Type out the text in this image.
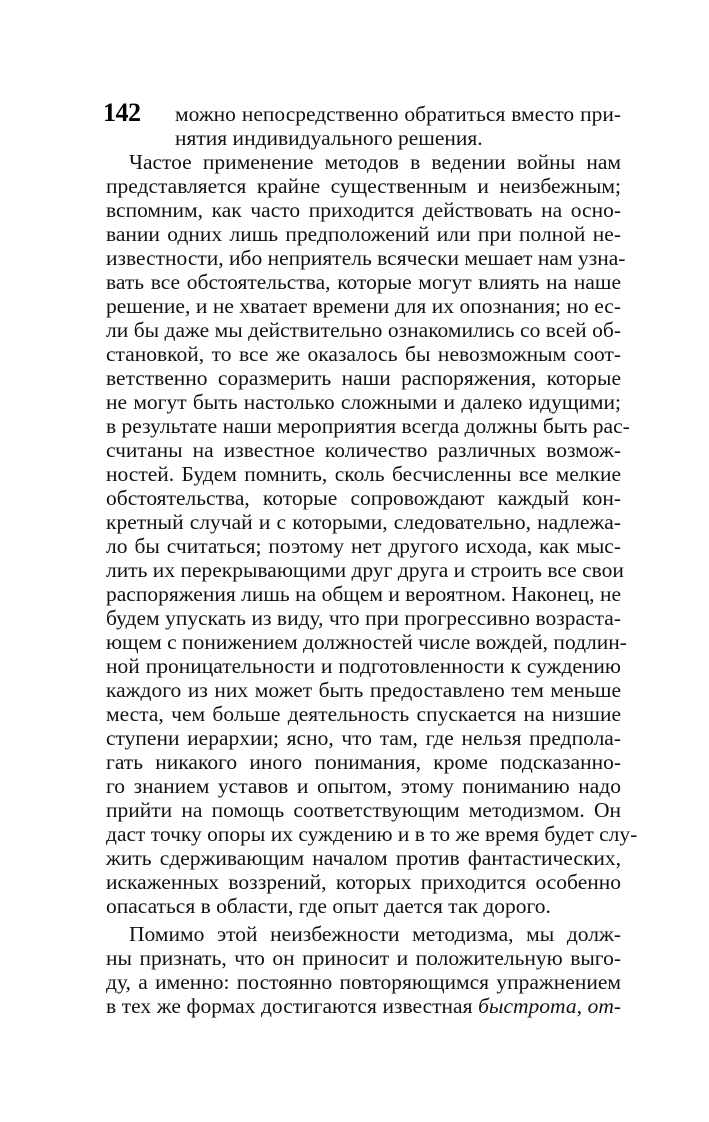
142 можно непосредственно обратиться вместо при-
нятия индивидуального решения.
Частое применение методов в ведении войны нам
представляется крайне существенным и неизбежным;
вспомним, как часто приходится действовать на осно-
вании одних лишь предположений или при полной не-
известности, ибо неприятель всячески мешает нам узна-
вать все обстоятельства, которые могут влиять на наше
решение, и не хватает времени для их опознания; но ес-
ли бы даже мы действительно ознакомились со всей об-
становкой, то все же оказалось бы невозможным соот-
ветственно соразмерить наши распоряжения, которые
не могут быть настолько сложными и далеко идущими;
в результате наши мероприятия всегда должны быть рас-
считаны на известное количество различных возмож-
ностей. Будем помнить, сколь бесчисленны все мелкие
обстоятельства, которые сопровождают каждый кон-
кретный случай и с которыми, следовательно, надлежа-
ло бы считаться; поэтому нет другого исхода, как мыс-
лить их перекрывающими друг друга и строить все свои
распоряжения лишь на общем и вероятном. Наконец, не
будем упускать из виду, что при прогрессивно возраста-
ющем с понижением должностей числе вождей, подлин-
ной проницательности и подготовленности к суждению
каждого из них может быть предоставлено тем меньше
места, чем больше деятельность спускается на низшие
ступени иерархии; ясно, что там, где нельзя предпола-
гать никакого иного понимания, кроме подсказанно-
го знанием уставов и опытом, этому пониманию надо
прийти на помощь соответствующим методизмом. Он
даст точку опоры их суждению и в то же время будет слу-
жить сдерживающим началом против фантастических,
искаженных воззрений, которых приходится особенно
опасаться в области, где опыт дается так дорого.
Помимо этой неизбежности методизма, мы долж-
ны признать, что он приносит и положительную выго-
ду, а именно: постоянно повторяющимся упражнением
в тех же формах достигаются известная быстрота, от-
